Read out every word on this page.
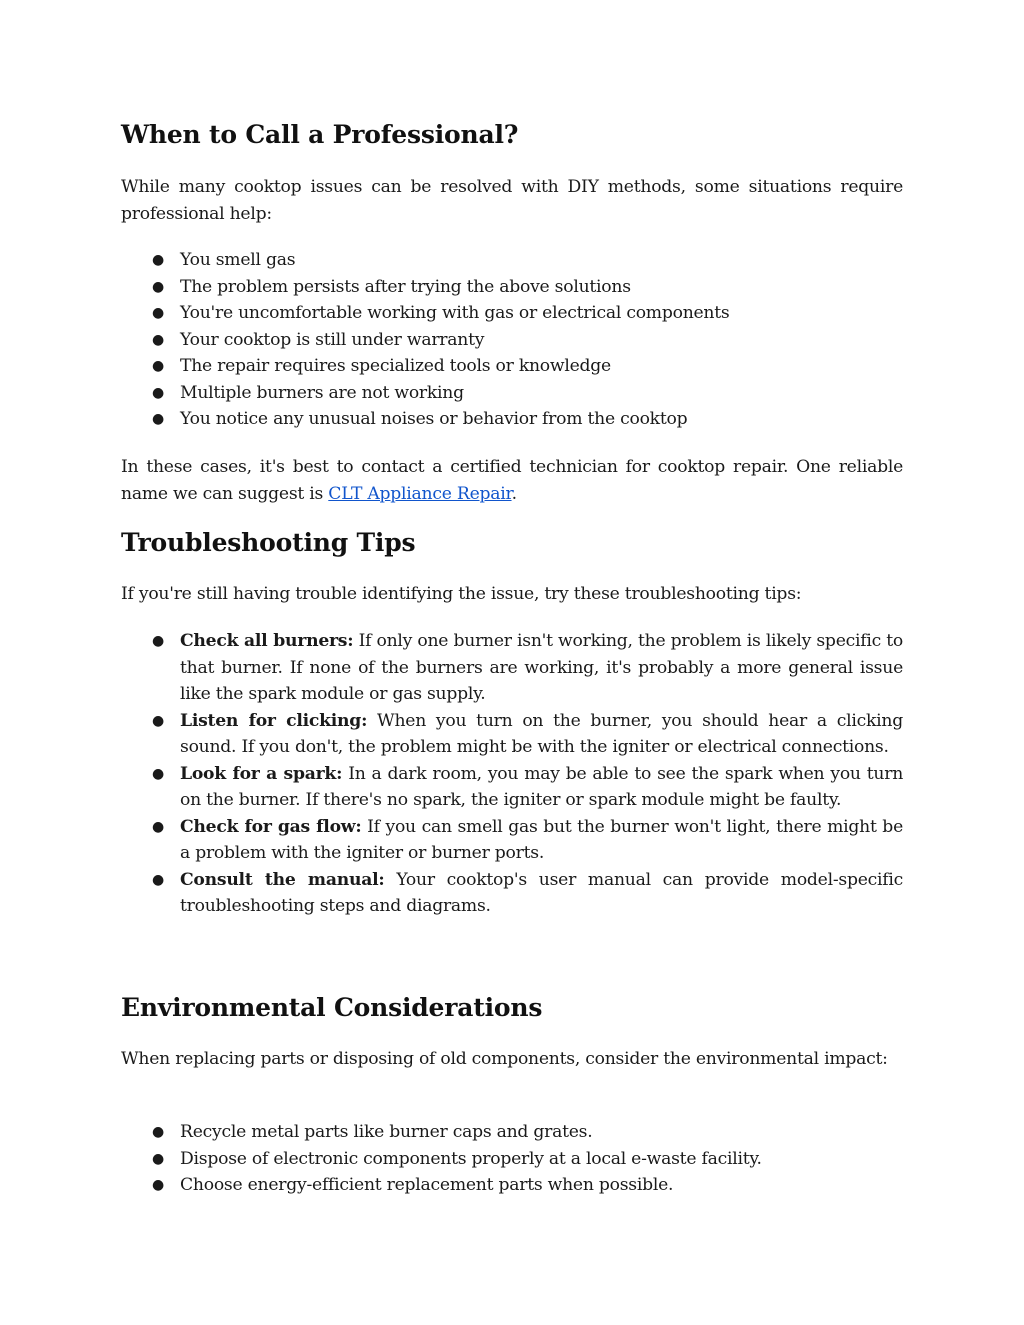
When to Call a Professional?

While many cooktop issues can be resolved with DIY methods, some situations require professional help:

● You smell gas
● The problem persists after trying the above solutions
● You're uncomfortable working with gas or electrical components
● Your cooktop is still under warranty
● The repair requires specialized tools or knowledge
● Multiple burners are not working
● You notice any unusual noises or behavior from the cooktop

In these cases, it's best to contact a certified technician for cooktop repair. One reliable name we can suggest is CLT Appliance Repair.

Troubleshooting Tips

If you're still having trouble identifying the issue, try these troubleshooting tips:

● Check all burners: If only one burner isn't working, the problem is likely specific to that burner. If none of the burners are working, it's probably a more general issue like the spark module or gas supply.
● Listen for clicking: When you turn on the burner, you should hear a clicking sound. If you don't, the problem might be with the igniter or electrical connections.
● Look for a spark: In a dark room, you may be able to see the spark when you turn on the burner. If there's no spark, the igniter or spark module might be faulty.
● Check for gas flow: If you can smell gas but the burner won't light, there might be a problem with the igniter or burner ports.
● Consult the manual: Your cooktop's user manual can provide model-specific troubleshooting steps and diagrams.
Environmental Considerations

When replacing parts or disposing of old components, consider the environmental impact:

● Recycle metal parts like burner caps and grates.
● Dispose of electronic components properly at a local e-waste facility.
● Choose energy-efficient replacement parts when possible.
